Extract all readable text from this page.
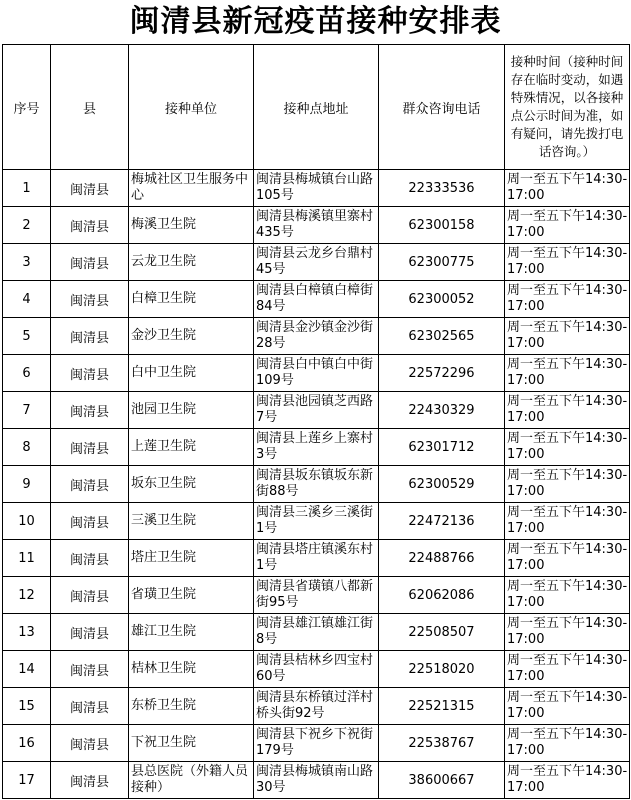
闽清县新冠疫苗接种安排表
序号	县	接种单位	接种点地址	群众咨询电话	接种时间（接种时间存在临时变动，如遇特殊情况，以各接种点公示时间为准，如有疑问，请先拨打电话咨询。）
1	闽清县	梅城社区卫生服务中心	闽清县梅城镇台山路105号	22333536	周一至五下午14:30-17:00
2	闽清县	梅溪卫生院	闽清县梅溪镇里寨村435号	62300158	周一至五下午14:30-17:00
3	闽清县	云龙卫生院	闽清县云龙乡台鼎村45号	62300775	周一至五下午14:30-17:00
4	闽清县	白樟卫生院	闽清县白樟镇白樟街84号	62300052	周一至五下午14:30-17:00
5	闽清县	金沙卫生院	闽清县金沙镇金沙街28号	62302565	周一至五下午14:30-17:00
6	闽清县	白中卫生院	闽清县白中镇白中街109号	22572296	周一至五下午14:30-17:00
7	闽清县	池园卫生院	闽清县池园镇芝西路7号	22430329	周一至五下午14:30-17:00
8	闽清县	上莲卫生院	闽清县上莲乡上寨村3号	62301712	周一至五下午14:30-17:00
9	闽清县	坂东卫生院	闽清县坂东镇坂东新街88号	62300529	周一至五下午14:30-17:00
10	闽清县	三溪卫生院	闽清县三溪乡三溪街1号	22472136	周一至五下午14:30-17:00
11	闽清县	塔庄卫生院	闽清县塔庄镇溪东村1号	22488766	周一至五下午14:30-17:00
12	闽清县	省璜卫生院	闽清县省璜镇八都新街95号	62062086	周一至五下午14:30-17:00
13	闽清县	雄江卫生院	闽清县雄江镇雄江街8号	22508507	周一至五下午14:30-17:00
14	闽清县	桔林卫生院	闽清县桔林乡四宝村60号	22518020	周一至五下午14:30-17:00
15	闽清县	东桥卫生院	闽清县东桥镇过洋村桥头街92号	22521315	周一至五下午14:30-17:00
16	闽清县	下祝卫生院	闽清县下祝乡下祝街179号	22538767	周一至五下午14:30-17:00
17	闽清县	县总医院（外籍人员接种）	闽清县梅城镇南山路30号	38600667	周一至五下午14:30-17:00
